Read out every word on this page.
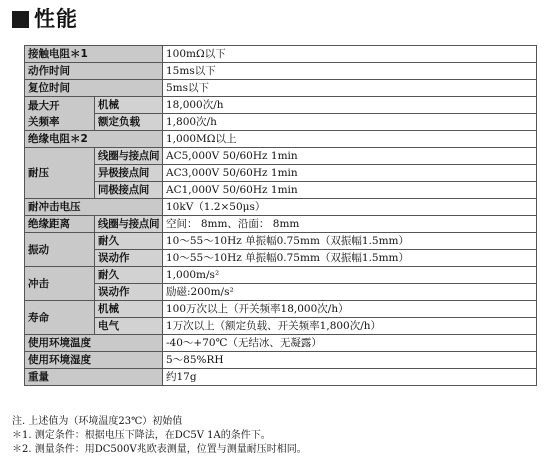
性能
接触电阻＊1		100mΩ以下
动作时间		15ms以下
复位时间		5ms以下

最大开
关频率	机械	18,000次/h
	额定负载	1,800次/h
绝缘电阻＊2		1,000MΩ以上
耐压	线圈与接点间	AC5,000V 50/60Hz 1min
	异极接点间	AC3,000V 50/60Hz 1min
	同极接点间	AC1,000V 50/60Hz 1min
耐冲击电压		10kV（1.2×50μs）
绝缘距离	线圈与接点间	空间： 8mm、沿面： 8mm
振动	耐久	10～55～10Hz 单振幅0.75mm（双振幅1.5mm）
	误动作	10～55～10Hz 单振幅0.75mm（双振幅1.5mm）
冲击	耐久	1,000m/s²
	误动作	励磁:200m/s²
寿命	机械	100万次以上（开关频率18,000次/h）
	电气	1万次以上（额定负载、开关频率1,800次/h）
使用环境温度		-40～+70℃（无结冰、无凝露）
使用环境湿度		5～85%RH
重量		约17g
注. 上述值为（环境温度23℃）初始值
＊1. 测定条件：根据电压下降法，在DC5V 1A的条件下。
＊2. 测量条件：用DC500V兆欧表测量，位置与测量耐压时相同。
